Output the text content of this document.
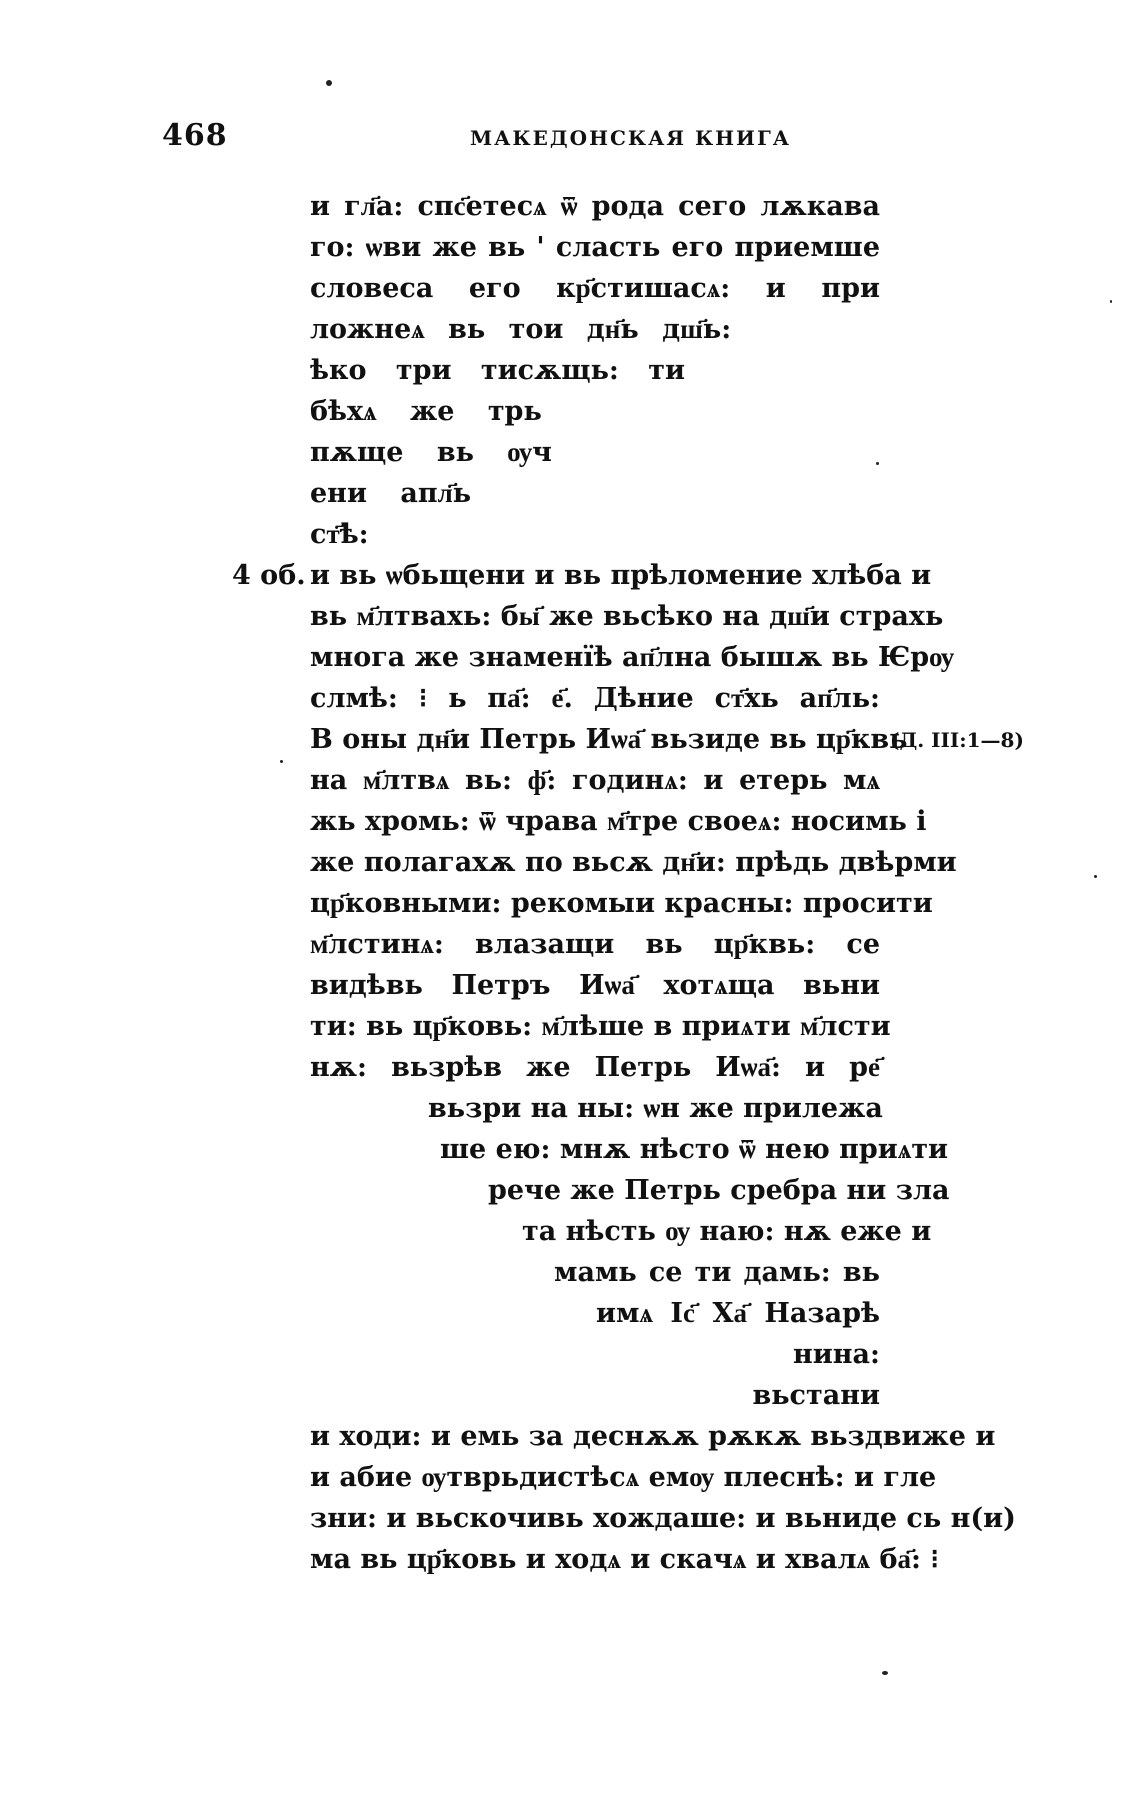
468	МАКЕДОНСКАЯ КНИГА
4 об.
(Д. III:1—8)
и гл҃а: спс҃етесѧ ѿ рода сего лѫкава
го: ѡви же вь ' сласть его приемше
словеса его кр҃стишасѧ: и при
ложнеѧ вь тои дн҃ь дш҃ь:
ѣко три тисѫщь: ти
бѣхѧ же трь
пѫще вь ѹч
ени апл҃ь
ст҃ѣ:
и вь ѡбьщени и вь прѣломение хлѣба и
вь м҃лтвахь: бы҃ же вьсѣко на дш҃и страхь
многа же знаменїѣ ап҃лна бышѫ вь Ѥрѹ
слмѣ: ⁝ ь па҃: е҃. Дѣние ст҃хь ап҃ль:
В оны дн҃и Петрь Иѡа҃ вьзиде вь цр҃квь
на м҃лтвѧ вь: ф҃: годинѧ: и етерь мѧ
жь хромь: ѿ чрава м҃тре своеѧ: носимь і
же полагахѫ по вьсѫ дн҃и: прѣдь двѣрми
цр҃ковными: рекомыи красны: просити
м҃лстинѧ: влазащи вь цр҃квь: се
видѣвь Петръ Иѡа҃ хотѧща вьни
ти: вь цр҃ковь: м҃лѣше в приѧти м҃лсти
нѫ: вьзрѣв же Петрь Иѡа҃: и ре҃
вьзри на ны: ѡн же прилежа
ше ею: мнѫ нѣсто ѿ нею приѧти
рече же Петрь сребра ни зла
та нѣсть ѹ наю: нѫ еже и
мамь се ти дамь: вь
имѧ Іс҃ Ха҃ Назарѣ
нина:
вьстани
и ходи: и емь за деснѫѫ рѫкѫ вьздвиже и
и абие ѹтврьдистѣсѧ емѹ плеснѣ: и гле
зни: и вьскочивь хождаше: и вьниде сь н(и)
ма вь цр҃ковь и ходѧ и скачѧ и хвалѧ ба҃: ⁝
